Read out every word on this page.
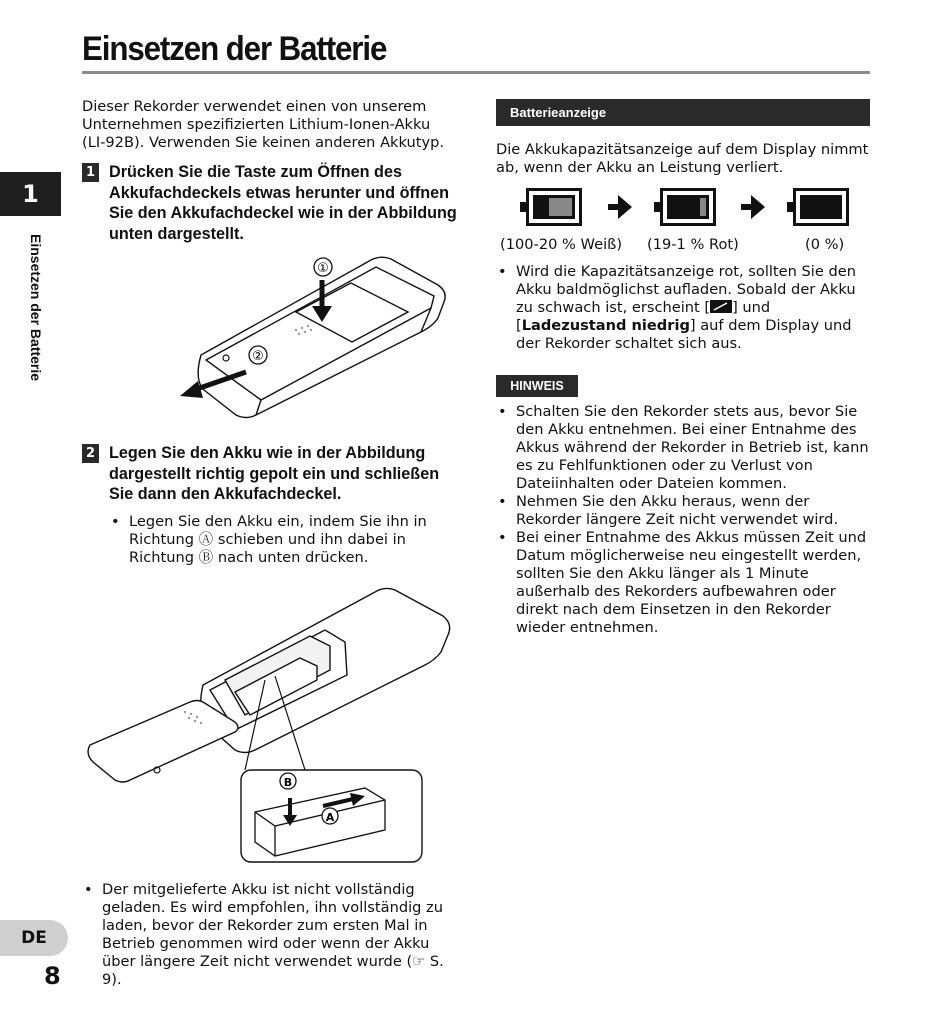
Einsetzen der Batterie
1
Einsetzen der Batterie
DE
8

Dieser Rekorder verwendet einen von unserem Unternehmen spezifizierten Lithium-Ionen-Akku (LI-92B). Verwenden Sie keinen anderen Akkutyp.

1 Drücken Sie die Taste zum Öffnen des Akkufachdeckels etwas herunter und öffnen Sie den Akkufachdeckel wie in der Abbildung unten dargestellt.
①
②
2 Legen Sie den Akku wie in der Abbildung dargestellt richtig gepolt ein und schließen Sie dann den Akkufachdeckel.
• Legen Sie den Akku ein, indem Sie ihn in Richtung Ⓐ schieben und ihn dabei in Richtung Ⓑ nach unten drücken.
B
A
• Der mitgelieferte Akku ist nicht vollständig geladen. Es wird empfohlen, ihn vollständig zu laden, bevor der Rekorder zum ersten Mal in Betrieb genommen wird oder wenn der Akku über längere Zeit nicht verwendet wurde (☞ S. 9).
Batterieanzeige

Die Akkukapazitätsanzeige auf dem Display nimmt ab, wenn der Akku an Leistung verliert.

(100-20 % Weiß) (19-1 % Rot)	(0 %)
• Wird die Kapazitätsanzeige rot, sollten Sie den Akku baldmöglichst aufladen. Sobald der Akku zu schwach ist, erscheint [ ] und [Ladezustand niedrig] auf dem Display und der Rekorder schaltet sich aus.
HINWEIS
• Schalten Sie den Rekorder stets aus, bevor Sie den Akku entnehmen. Bei einer Entnahme des Akkus während der Rekorder in Betrieb ist, kann es zu Fehlfunktionen oder zu Verlust von Dateiinhalten oder Dateien kommen.
• Nehmen Sie den Akku heraus, wenn der Rekorder längere Zeit nicht verwendet wird.
• Bei einer Entnahme des Akkus müssen Zeit und Datum möglicherweise neu eingestellt werden, sollten Sie den Akku länger als 1 Minute außerhalb des Rekorders aufbewahren oder direkt nach dem Einsetzen in den Rekorder wieder entnehmen.
